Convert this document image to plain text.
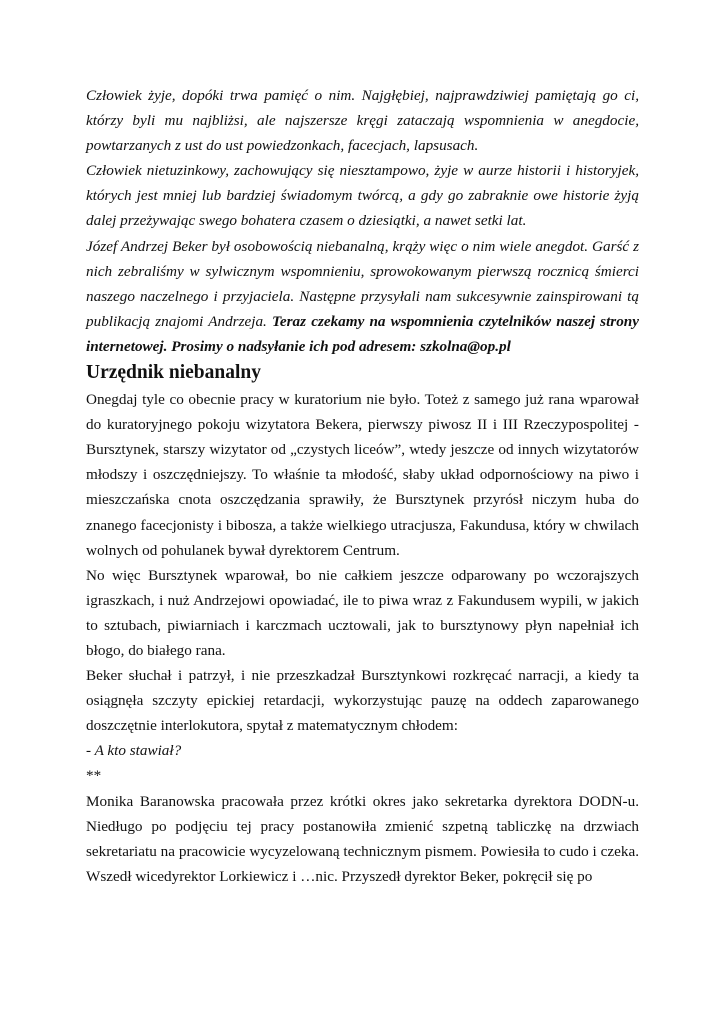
Człowiek żyje, dopóki trwa pamięć o nim. Najgłębiej, najprawdziwiej pamiętają go ci, którzy byli mu najbliżsi, ale najszersze kręgi zataczają wspomnienia w anegdocie, powtarzanych z ust do ust powiedzonkach, facecjach, lapsusach.

Człowiek nietuzinkowy, zachowujący się niesztampowo, żyje w aurze historii i historyjek, których jest mniej lub bardziej świadomym twórcą, a gdy go zabraknie owe historie żyją dalej przeżywając swego bohatera czasem o dziesiątki, a nawet setki lat.

Józef Andrzej Beker był osobowością niebanalną, krąży więc o nim wiele anegdot. Garść z nich zebraliśmy w sylwicznym wspomnieniu, sprowokowanym pierwszą rocznicą śmierci naszego naczelnego i przyjaciela. Następne przysyłali nam sukcesywnie zainspirowani tą publikacją znajomi Andrzeja. Teraz czekamy na wspomnienia czytelników naszej strony internetowej. Prosimy o nadsyłanie ich pod adresem: szkolna@op.pl

Urzędnik niebanalny

Onegdaj tyle co obecnie pracy w kuratorium nie było. Toteż z samego już rana wparował do kuratoryjnego pokoju wizytatora Bekera, pierwszy piwosz II i III Rzeczypospolitej - Bursztynek, starszy wizytator od „czystych liceów”, wtedy jeszcze od innych wizytatorów młodszy i oszczędniejszy. To właśnie ta młodość, słaby układ odpornościowy na piwo i mieszczańska cnota oszczędzania sprawiły, że Bursztynek przyrósł niczym huba do znanego facecjonisty i bibosza, a także wielkiego utracjusza, Fakundusa, który w chwilach wolnych od pohulanek bywał dyrektorem Centrum.

No więc Bursztynek wparował, bo nie całkiem jeszcze odparowany po wczorajszych igraszkach, i nuż Andrzejowi opowiadać, ile to piwa wraz z Fakundusem wypili, w jakich to sztubach, piwiarniach i karczmach ucztowali, jak to bursztynowy płyn napełniał ich błogo, do białego rana.

Beker słuchał i patrzył, i nie przeszkadzał Bursztynkowi rozkręcać narracji, a kiedy ta osiągnęła szczyty epickiej retardacji, wykorzystując pauzę na oddech zaparowanego doszczętnie interlokutora, spytał z matematycznym chłodem:

- A kto stawiał?

**

Monika Baranowska pracowała przez krótki okres jako sekretarka dyrektora DODN-u. Niedługo po podjęciu tej pracy postanowiła zmienić szpetną tabliczkę na drzwiach sekretariatu na pracowicie wycyzelowaną technicznym pismem. Powiesiła to cudo i czeka. Wszedł wicedyrektor Lorkiewicz i …nic. Przyszedł dyrektor Beker, pokręcił się po
